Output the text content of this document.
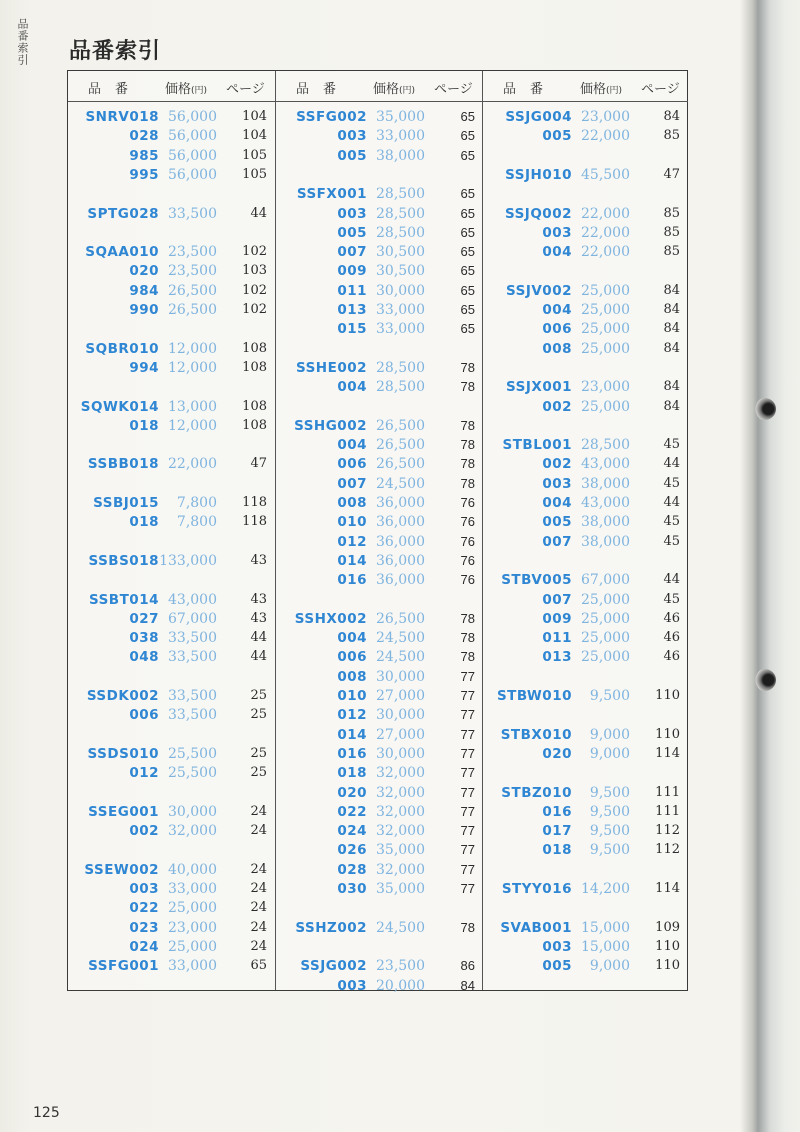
品番索引 品番索引
品番 価格(円) ページ
SNRV018 56,000 104
028 56,000 104
985 56,000 105
995 56,000 105
SPTG028 33,500	44
SQAA010 23,500 102
020 23,500 103
984 26,500 102
990 26,500 102
SQBR010 12,000 108
994 12,000 108
SQWK014 13,000 108
018 12,000 108
SSBB018 22,000	47
SSBJ015 7,800 118
018 7,800 118
SSBS018 133,000	43
SSBT014 43,000	43
027 67,000	43
038 33,500	44
048 33,500	44
SSDK002 33,500	25
006 33,500	25
SSDS010 25,500	25
012 25,500	25
SSEG001 30,000	24
002 32,000	24
SSEW002 40,000	24
003 33,000	24
022 25,000	24
023 23,000	24
024 25,000	24
SSFG001 33,000	65
品番 価格(円) ページ
SSFG002 35,000	65
003 33,000	65
005 38,000	65
SSFX001 28,500	65
003 28,500	65
005 28,500	65
007 30,500	65
009 30,500	65
011 30,000	65
013 33,000	65
015 33,000	65
SSHE002 28,500	78
004 28,500	78
SSHG002 26,500	78
004 26,500	78
006 26,500	78
007 24,500	78
008 36,000	76
010 36,000	76
012 36,000	76
014 36,000	76
016 36,000	76
SSHX002 26,500	78
004 24,500	78
006 24,500	78
008 30,000	77
010 27,000	77
012 30,000	77
014 27,000	77
016 30,000	77
018 32,000	77
020 32,000	77
022 32,000	77
024 32,000	77
026 35,000	77
028 32,000	77
030 35,000	77
SSHZ002 24,500	78
SSJG002 23,500	86
003 20,000	84
品番 価格(円) ページ
SSJG004 23,000	84
005 22,000	85
SSJH010 45,500	47
SSJQ002 22,000	85
003 22,000	85
004 22,000	85
SSJV002 25,000	84
004 25,000	84
006 25,000	84
008 25,000	84
SSJX001 23,000	84
002 25,000	84
STBL001 28,500	45
002 43,000	44
003 38,000	45
004 43,000	44
005 38,000	45
007 38,000	45
STBV005 67,000	44
007 25,000	45
009 25,000	46
011 25,000	46
013 25,000	46
STBW010 9,500 110
STBX010 9,000 110
020 9,000 114
STBZ010 9,500 111
016 9,500 111
017 9,500 112
018 9,500 112
STYY016 14,200 114
SVAB001 15,000 109
003 15,000 110
005 9,000 110
125
